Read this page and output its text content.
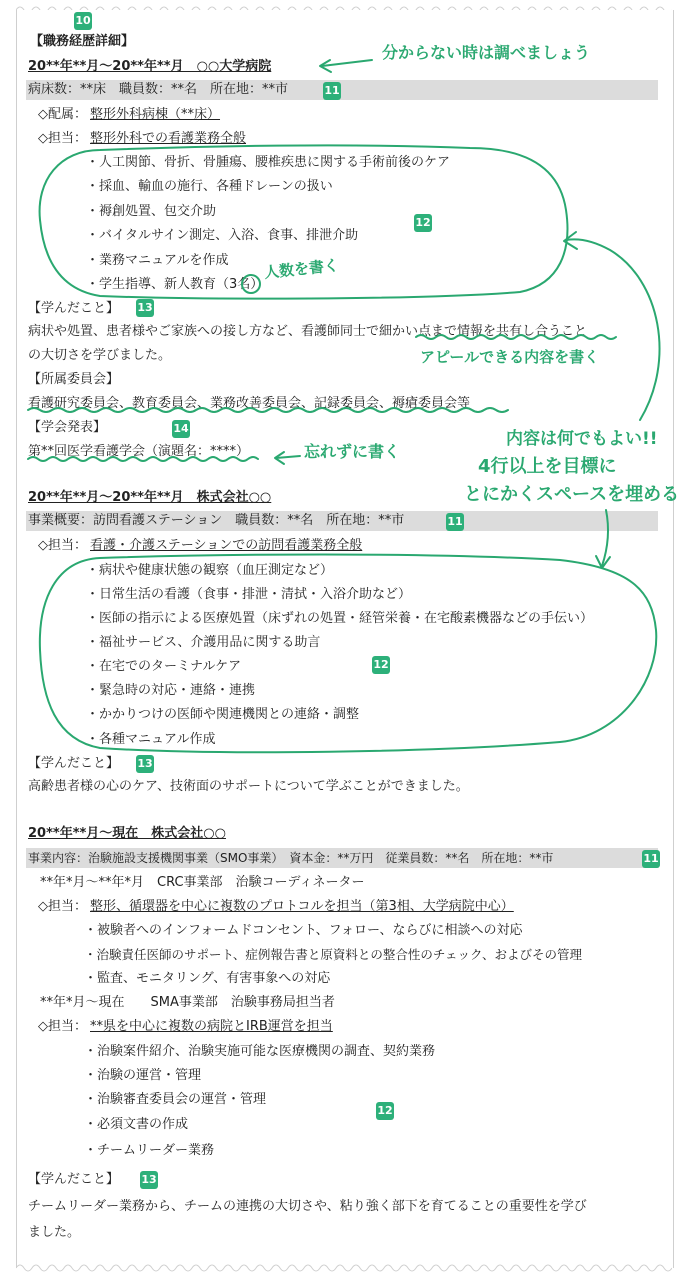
10
【職務経歴詳細】
20**年**月～20**年**月　○○大学病院
病床数：**床　職員数：**名　所在地：**市	11
◇配属： 整形外科病棟（**床）
◇担当： 整形外科での看護業務全般
・人工関節、骨折、骨腫瘍、腰椎疾患に関する手術前後のケア
・採血、輸血の施行、各種ドレーンの扱い
・褥創処置、包交介助
・バイタルサイン測定、入浴、食事、排泄介助
・業務マニュアルを作成
・学生指導、新人教育（3名）
12
【学んだこと】 13
病状や処置、患者様やご家族への接し方など、看護師同士で細かい点まで情報を共有し合うこと
の大切さを学びました。
【所属委員会】
看護研究委員会、教育委員会、業務改善委員会、記録委員会、褥瘡委員会等
【学会発表】	14
第**回医学看護学会（演題名：****）
20**年**月～20**年**月　株式会社○○
事業概要：訪問看護ステーション　職員数：**名　所在地：**市	11
◇担当： 看護・介護ステーションでの訪問看護業務全般
・病状や健康状態の観察（血圧測定など）
・日常生活の看護（食事・排泄・清拭・入浴介助など）
・医師の指示による医療処置（床ずれの処置・経管栄養・在宅酸素機器などの手伝い）
・福祉サービス、介護用品に関する助言
・在宅でのターミナルケア
・緊急時の対応・連絡・連携
・かかりつけの医師や関連機関との連絡・調整
・各種マニュアル作成
12
【学んだこと】 13
高齢患者様の心のケア、技術面のサポートについて学ぶことができました。
20**年**月～現在　株式会社○○
事業内容：治験施設支援機関事業（SMO事業）　資本金：**万円　従業員数：**名　所在地：**市	11
**年*月～**年*月　CRC事業部　治験コーディネーター
◇担当： 整形、循環器を中心に複数のプロトコルを担当（第3相、大学病院中心）
・被験者へのインフォームドコンセント、フォロー、ならびに相談への対応
・治験責任医師のサポート、症例報告書と原資料との整合性のチェック、およびその管理
・監査、モニタリング、有害事象への対応
**年*月～現在　　SMA事業部　治験事務局担当者
◇担当： **県を中心に複数の病院とIRB運営を担当
・治験案件紹介、治験実施可能な医療機関の調査、契約業務
・治験の運営・管理
・治験審査委員会の運営・管理
・必須文書の作成
・チームリーダー業務
12
【学んだこと】 13
チームリーダー業務から、チームの連携の大切さや、粘り強く部下を育てることの重要性を学び
ました。
分からない時は調べましょう
人数を書く
アピールできる内容を書く
忘れずに書く
内容は何でもよい!!
4行以上を目標に
とにかくスペースを埋める
